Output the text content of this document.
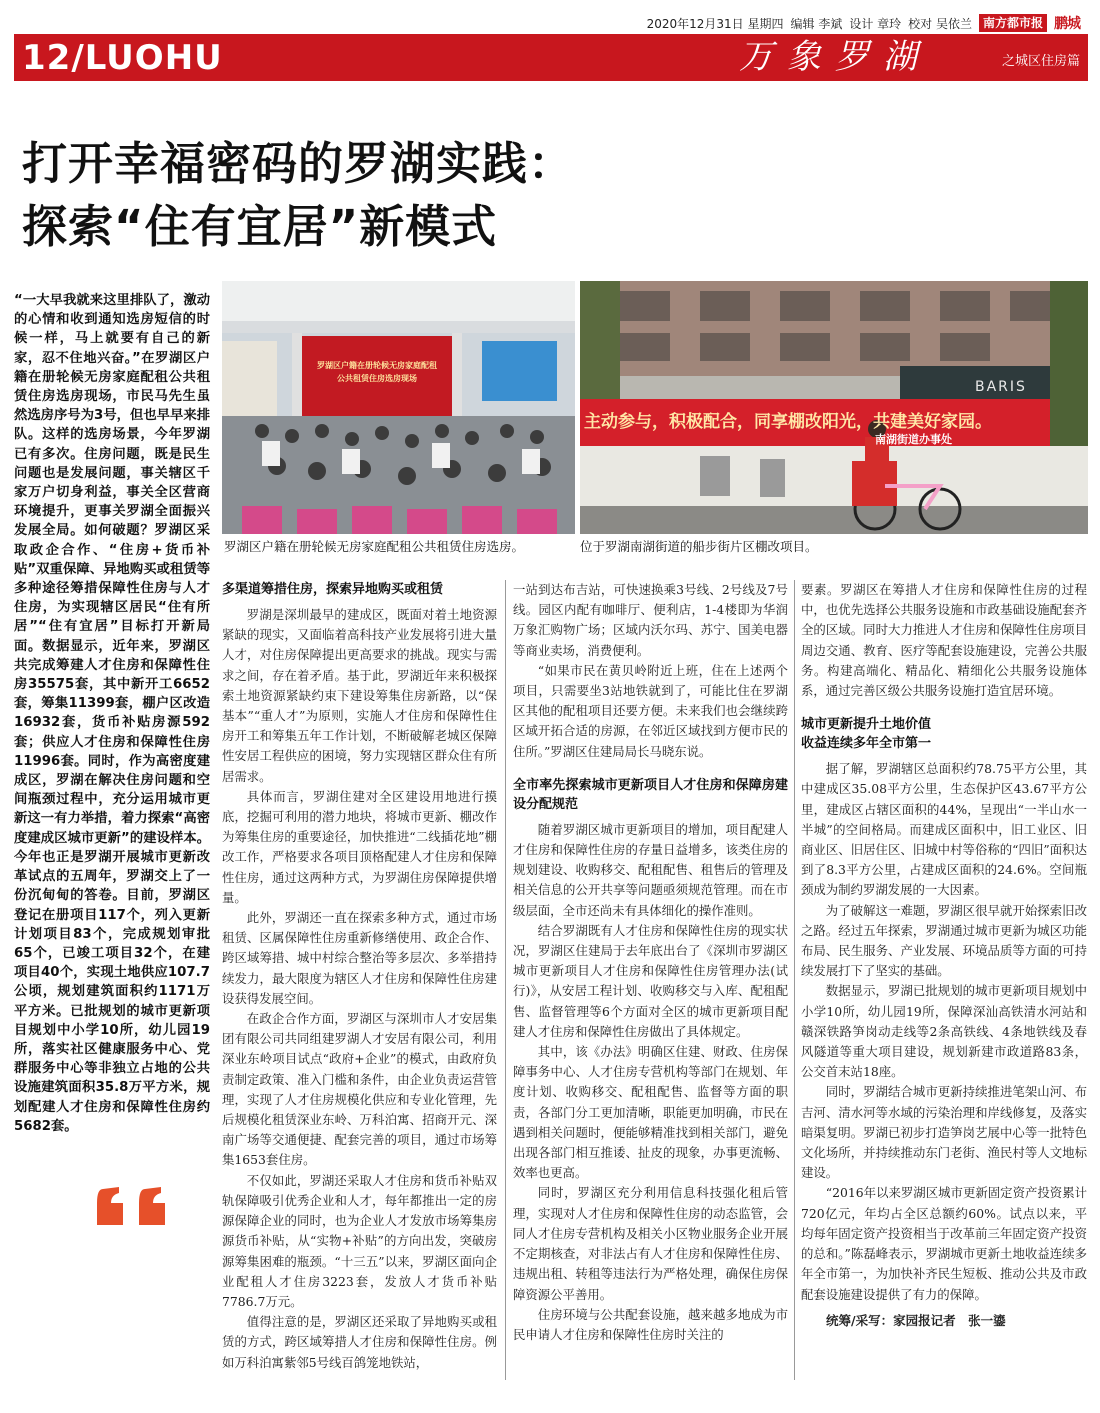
2020年12月31日 星期四 编辑 李斌 设计 章玲 校对 吴依兰 南方都市报 鹏城
12/LUOHU	万象罗湖	之城区住房篇
打开幸福密码的罗湖实践：
探索“住有宜居”新模式

“一大早我就来这里排队了，激动的心情和收到通知选房短信的时候一样，马上就要有自己的新家，忍不住地兴奋。”在罗湖区户籍在册轮候无房家庭配租公共租赁住房选房现场，市民马先生虽然选房序号为3号，但也早早来排队。这样的选房场景，今年罗湖已有多次。住房问题，既是民生问题也是发展问题，事关辖区千家万户切身利益，事关全区营商环境提升，更事关罗湖全面振兴发展全局。如何破题？罗湖区采取政企合作、“住房+货币补贴”双重保障、异地购买或租赁等多种途径筹措保障性住房与人才住房，为实现辖区居民“住有所居”“住有宜居”目标打开新局面。数据显示，近年来，罗湖区共完成筹建人才住房和保障性住房35575套，其中新开工6652套，筹集11399套，棚户区改造16932套，货币补贴房源592套；供应人才住房和保障性住房11996套。同时，作为高密度建成区，罗湖在解决住房问题和空间瓶颈过程中，充分运用城市更新这一有力举措，着力探索“高密度建成区城市更新”的建设样本。今年也正是罗湖开展城市更新改革试点的五周年，罗湖交上了一份沉甸甸的答卷。目前，罗湖区登记在册项目117个，列入更新计划项目83个，完成规划审批65个，已竣工项目32个，在建项目40个，实现土地供应107.7公顷，规划建筑面积约1171万平方米。已批规划的城市更新项目规划中小学10所，幼儿园19所，落实社区健康服务中心、党群服务中心等非独立占地的公共设施建筑面积35.8万平方米，规划配建人才住房和保障性住房约5682套。

罗湖区户籍在册轮候无房家庭配租
公共租赁住房选房现场
主动参与，积极配合，同享棚改阳光，共建美好家园。
南湖街道办事处
BARIS
罗湖区户籍在册轮候无房家庭配租公共租赁住房选房。	位于罗湖南湖街道的船步街片区棚改项目。
多渠道筹措住房，探索异地购买或租赁

罗湖是深圳最早的建成区，既面对着土地资源紧缺的现实，又面临着高科技产业发展将引进大量人才，对住房保障提出更高要求的挑战。现实与需求之间，存在着矛盾。基于此，罗湖近年来积极探索土地资源紧缺约束下建设筹集住房新路，以“保基本”“重人才”为原则，实施人才住房和保障性住房开工和筹集五年工作计划，不断破解老城区保障性安居工程供应的困境，努力实现辖区群众住有所居需求。

具体而言，罗湖住建对全区建设用地进行摸底，挖掘可利用的潜力地块，将城市更新、棚改作为筹集住房的重要途径，加快推进“二线插花地”棚改工作，严格要求各项目顶格配建人才住房和保障性住房，通过这两种方式，为罗湖住房保障提供增量。

此外，罗湖还一直在探索多种方式，通过市场租赁、区属保障性住房重新修缮使用、政企合作、跨区域筹措、城中村综合整治等多层次、多举措持续发力，最大限度为辖区人才住房和保障性住房建设获得发展空间。

在政企合作方面，罗湖区与深圳市人才安居集团有限公司共同组建罗湖人才安居有限公司，利用深业东岭项目试点“政府+企业”的模式，由政府负责制定政策、准入门槛和条件，由企业负责运营管理，实现了人才住房规模化供应和专业化管理，先后规模化租赁深业东岭、万科泊寓、招商开元、深南广场等交通便捷、配套完善的项目，通过市场筹集1653套住房。

不仅如此，罗湖还采取人才住房和货币补贴双轨保障吸引优秀企业和人才，每年都推出一定的房源保障企业的同时，也为企业人才发放市场筹集房源货币补贴，从“实物+补贴”的方向出发，突破房源筹集困难的瓶颈。“十三五”以来，罗湖区面向企业配租人才住房3223套，发放人才货币补贴7786.7万元。

值得注意的是，罗湖区还采取了异地购买或租赁的方式，跨区域筹措人才住房和保障性住房。例如万科泊寓紫邻5号线百鸽笼地铁站，

一站到达布吉站，可快速换乘3号线、2号线及7号线。园区内配有咖啡厅、便利店，1-4楼即为华润万象汇购物广场；区域内沃尔玛、苏宁、国美电器等商业卖场，消费便利。

“如果市民在黄贝岭附近上班，住在上述两个项目，只需要坐3站地铁就到了，可能比住在罗湖区其他的配租项目还要方便。未来我们也会继续跨区域开拓合适的房源，在邻近区域找到方便市民的住所。”罗湖区住建局局长马晓东说。

全市率先探索城市更新项目人才住房和保障房建设分配规范

随着罗湖区城市更新项目的增加，项目配建人才住房和保障性住房的存量日益增多，该类住房的规划建设、收购移交、配租配售、租售后的管理及相关信息的公开共享等问题亟须规范管理。而在市级层面，全市还尚未有具体细化的操作准则。

结合罗湖既有人才住房和保障性住房的现实状况，罗湖区住建局于去年底出台了《深圳市罗湖区城市更新项目人才住房和保障性住房管理办法(试行)》，从安居工程计划、收购移交与入库、配租配售、监督管理等6个方面对全区的城市更新项目配建人才住房和保障性住房做出了具体规定。

其中，该《办法》明确区住建、财政、住房保障事务中心、人才住房专营机构等部门在规划、年度计划、收购移交、配租配售、监督等方面的职责，各部门分工更加清晰，职能更加明确，市民在遇到相关问题时，便能够精准找到相关部门，避免出现各部门相互推诿、扯皮的现象，办事更流畅、效率也更高。

同时，罗湖区充分利用信息科技强化租后管理，实现对人才住房和保障性住房的动态监管，会同人才住房专营机构及相关小区物业服务企业开展不定期核查，对非法占有人才住房和保障性住房、违规出租、转租等违法行为严格处理，确保住房保障资源公平善用。

住房环境与公共配套设施，越来越多地成为市民申请人才住房和保障性住房时关注的

要素。罗湖区在筹措人才住房和保障性住房的过程中，也优先选择公共服务设施和市政基础设施配套齐全的区域。同时大力推进人才住房和保障性住房项目周边交通、教育、医疗等配套设施建设，完善公共服务。构建高端化、精品化、精细化公共服务设施体系，通过完善区级公共服务设施打造宜居环境。

城市更新提升土地价值
收益连续多年全市第一

据了解，罗湖辖区总面积约78.75平方公里，其中建成区35.08平方公里，生态保护区43.67平方公里，建成区占辖区面积的44%，呈现出“一半山水一半城”的空间格局。而建成区面积中，旧工业区、旧商业区、旧居住区、旧城中村等俗称的“四旧”面积达到了8.3平方公里，占建成区面积的24.6%。空间瓶颈成为制约罗湖发展的一大因素。

为了破解这一难题，罗湖区很早就开始探索旧改之路。经过五年探索，罗湖通过城市更新为城区功能布局、民生服务、产业发展、环境品质等方面的可持续发展打下了坚实的基础。

数据显示，罗湖已批规划的城市更新项目规划中小学10所，幼儿园19所，保障深汕高铁清水河站和赣深铁路笋岗动走线等2条高铁线、4条地铁线及春风隧道等重大项目建设，规划新建市政道路83条，公交首末站18座。

同时，罗湖结合城市更新持续推进笔架山河、布吉河、清水河等水域的污染治理和岸线修复，及落实暗渠复明。罗湖已初步打造笋岗艺展中心等一批特色文化场所，并持续推动东门老街、渔民村等人文地标建设。

“2016年以来罗湖区城市更新固定资产投资累计720亿元，年均占全区总额约60%。试点以来，平均每年固定资产投资相当于改革前三年固定资产投资的总和。”陈磊峰表示，罗湖城市更新土地收益连续多年全市第一，为加快补齐民生短板、推动公共及市政配套设施建设提供了有力的保障。

统筹/采写：家园报记者　张一鎏
